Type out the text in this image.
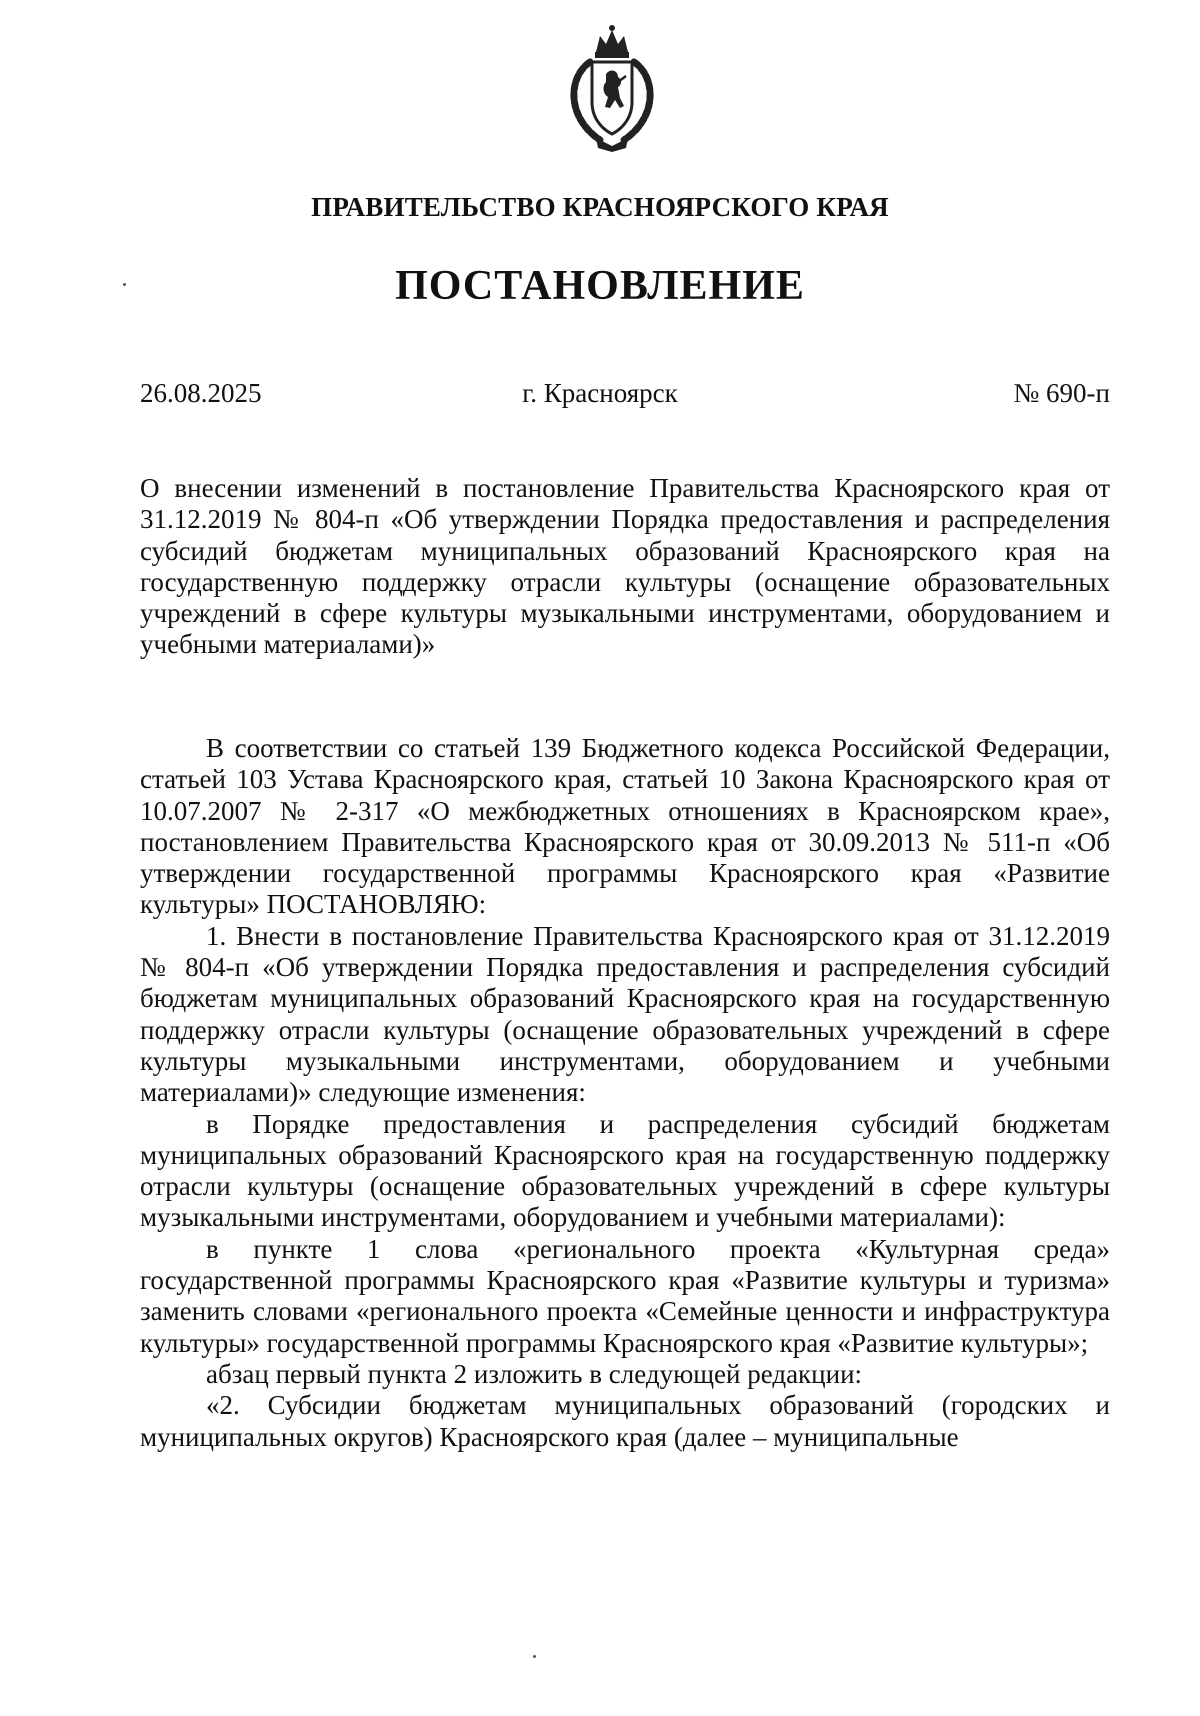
ПРАВИТЕЛЬСТВО КРАСНОЯРСКОГО КРАЯ
ПОСТАНОВЛЕНИЕ
26.08.2025	г. Красноярск	№ 690-п
О внесении изменений в постановление Правительства Красноярского края от 31.12.2019 № 804-п «Об утверждении Порядка предоставления и распределения субсидий бюджетам муниципальных образований Красноярского края на государственную поддержку отрасли культуры (оснащение образовательных учреждений в сфере культуры музыкальными инструментами, оборудованием и учебными материалами)»

В соответствии со статьей 139 Бюджетного кодекса Российской Федерации, статьей 103 Устава Красноярского края, статьей 10 Закона Красноярского края от 10.07.2007 № 2-317 «О межбюджетных отношениях в Красноярском крае», постановлением Правительства Красноярского края от 30.09.2013 № 511-п «Об утверждении государственной программы Красноярского края «Развитие культуры» ПОСТАНОВЛЯЮ:

1. Внести в постановление Правительства Красноярского края от 31.12.2019 № 804-п «Об утверждении Порядка предоставления и распределения субсидий бюджетам муниципальных образований Красноярского края на государственную поддержку отрасли культуры (оснащение образовательных учреждений в сфере культуры музыкальными инструментами, оборудованием и учебными материалами)» следующие изменения:

в Порядке предоставления и распределения субсидий бюджетам муниципальных образований Красноярского края на государственную поддержку отрасли культуры (оснащение образовательных учреждений в сфере культуры музыкальными инструментами, оборудованием и учебными материалами):

в пункте 1 слова «регионального проекта «Культурная среда» государственной программы Красноярского края «Развитие культуры и туризма» заменить словами «регионального проекта «Семейные ценности и инфраструктура культуры» государственной программы Красноярского края «Развитие культуры»;

абзац первый пункта 2 изложить в следующей редакции:

«2. Субсидии бюджетам муниципальных образований (городских и муниципальных округов) Красноярского края (далее – муниципальные
